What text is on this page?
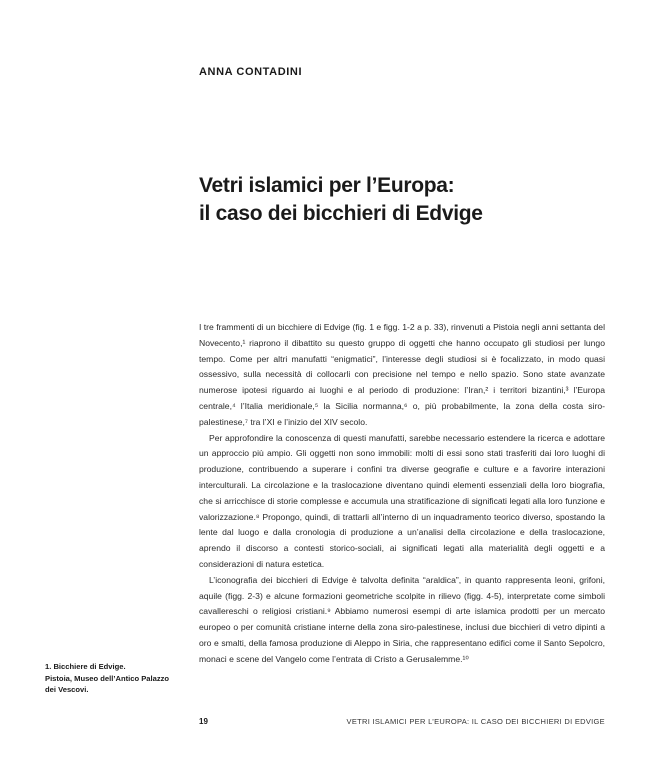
ANNA CONTADINI
Vetri islamici per l’Europa:
il caso dei bicchieri di Edvige

I tre frammenti di un bicchiere di Edvige (fig. 1 e figg. 1-2 a p. 33), rinvenuti a Pistoia negli anni settanta del Novecento,¹ riaprono il dibattito su questo gruppo di oggetti che hanno occupato gli studiosi per lungo tempo. Come per altri manufatti “enigmatici”, l’interesse degli studiosi si è focalizzato, in modo quasi ossessivo, sulla necessità di collocarli con precisione nel tempo e nello spazio. Sono state avanzate numerose ipotesi riguardo ai luoghi e al periodo di produzione: l’Iran,² i territori bizantini,³ l’Europa centrale,⁴ l’Italia meridionale,⁵ la Sicilia normanna,⁶ o, più probabilmente, la zona della costa siro-palestinese,⁷ tra l’XI e l’inizio del XIV secolo.

Per approfondire la conoscenza di questi manufatti, sarebbe necessario estendere la ricerca e adottare un approccio più ampio. Gli oggetti non sono immobili: molti di essi sono stati trasferiti dai loro luoghi di produzione, contribuendo a superare i confini tra diverse geografie e culture e a favorire interazioni interculturali. La circolazione e la traslocazione diventano quindi elementi essenziali della loro biografia, che si arricchisce di storie complesse e accumula una stratificazione di significati legati alla loro funzione e valorizzazione.⁸ Propongo, quindi, di trattarli all’interno di un inquadramento teorico diverso, spostando la lente dal luogo e dalla cronologia di produzione a un’analisi della circolazione e della traslocazione, aprendo il discorso a contesti storico-sociali, ai significati legati alla materialità degli oggetti e a considerazioni di natura estetica.

L’iconografia dei bicchieri di Edvige è talvolta definita “araldica”, in quanto rappresenta leoni, grifoni, aquile (figg. 2-3) e alcune formazioni geometriche scolpite in rilievo (figg. 4-5), interpretate come simboli cavallereschi o religiosi cristiani.⁹ Abbiamo numerosi esempi di arte islamica prodotti per un mercato europeo o per comunità cristiane interne della zona siro-palestinese, inclusi due bicchieri di vetro dipinti a oro e smalti, della famosa produzione di Aleppo in Siria, che rappresentano edifici come il Santo Sepolcro, monaci e scene del Vangelo come l’entrata di Cristo a Gerusalemme.¹⁰

1. Bicchiere di Edvige.
Pistoia, Museo dell’Antico Palazzo
dei Vescovi.
19	VETRI ISLAMICI PER L’EUROPA: IL CASO DEI BICCHIERI DI EDVIGE
